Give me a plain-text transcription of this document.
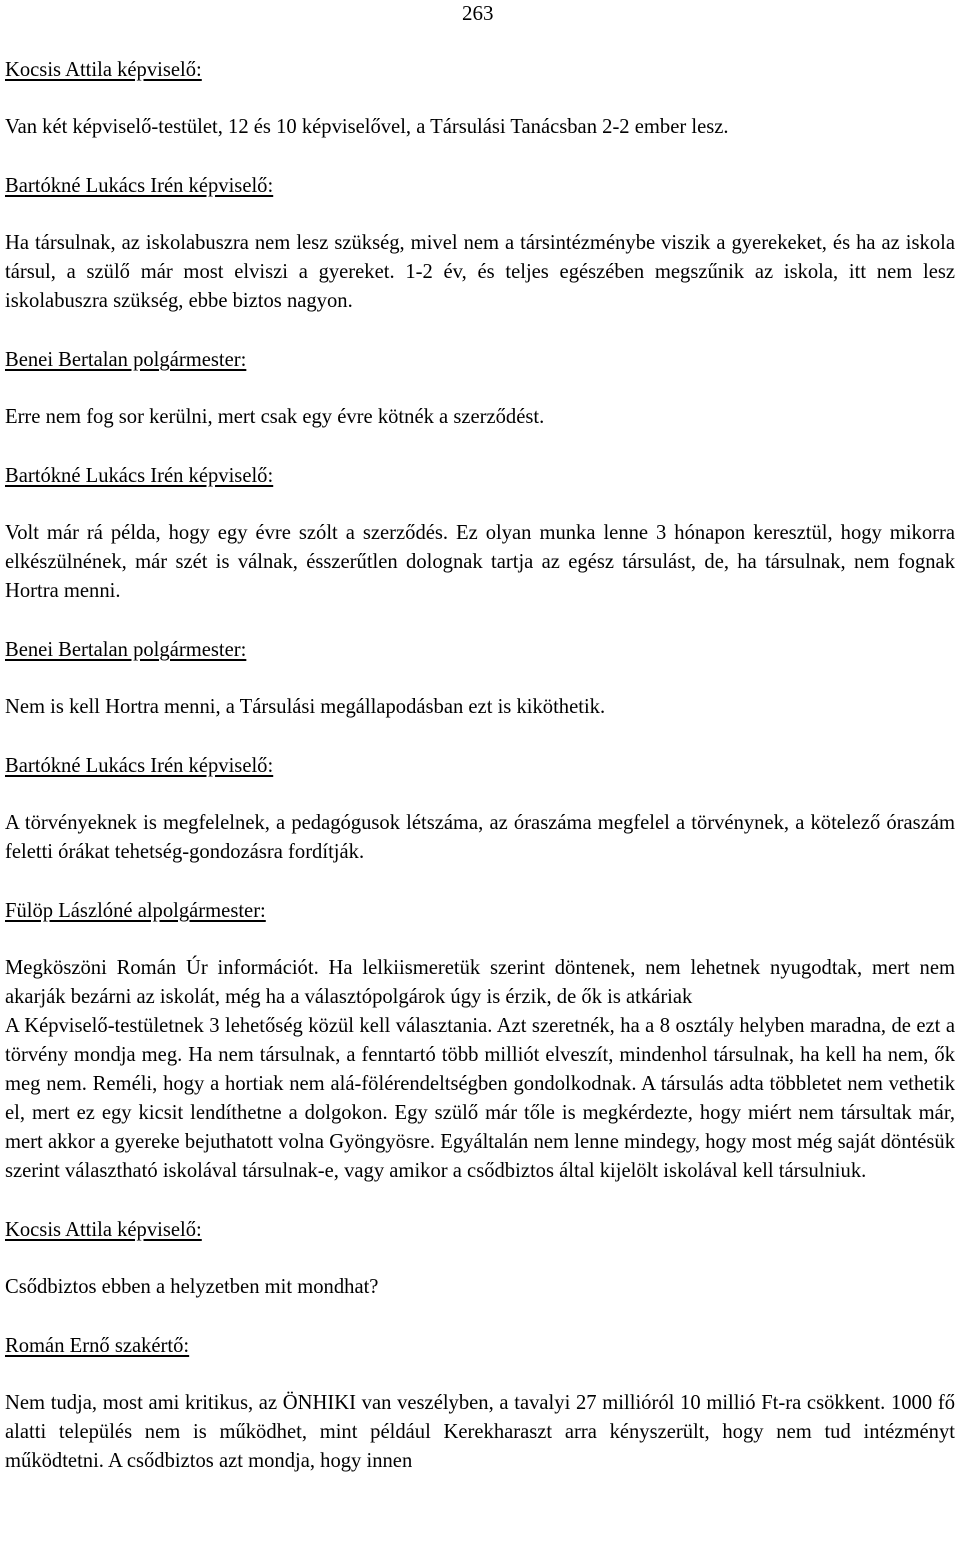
263

Kocsis Attila képviselő:

Van két képviselő-testület, 12 és 10 képviselővel, a Társulási Tanácsban 2-2 ember lesz.

Bartókné Lukács Irén képviselő:

Ha társulnak, az iskolabuszra nem lesz szükség, mivel nem a társintézménybe viszik a gyerekeket, és ha az iskola társul, a szülő már most elviszi a gyereket. 1-2 év, és teljes egészében megszűnik az iskola, itt nem lesz iskolabuszra szükség, ebbe biztos nagyon.

Benei Bertalan polgármester:

Erre nem fog sor kerülni, mert csak egy évre kötnék a szerződést.

Bartókné Lukács Irén képviselő:

Volt már rá példa, hogy egy évre szólt a szerződés. Ez olyan munka lenne 3 hónapon keresztül, hogy mikorra elkészülnének, már szét is válnak, ésszerűtlen dolognak tartja az egész társulást, de, ha társulnak, nem fognak Hortra menni.

Benei Bertalan polgármester:

Nem is kell Hortra menni, a Társulási megállapodásban ezt is kiköthetik.

Bartókné Lukács Irén képviselő:

A törvényeknek is megfelelnek, a pedagógusok létszáma, az óraszáma megfelel a törvénynek, a kötelező óraszám feletti órákat tehetség-gondozásra fordítják.

Fülöp Lászlóné alpolgármester:

Megköszöni Román Úr információt. Ha lelkiismeretük szerint döntenek, nem lehetnek nyugodtak, mert nem akarják bezárni az iskolát, még ha a választópolgárok úgy is érzik, de ők is atkáriak

A Képviselő-testületnek 3 lehetőség közül kell választania. Azt szeretnék, ha a 8 osztály helyben maradna, de ezt a törvény mondja meg. Ha nem társulnak, a fenntartó több milliót elveszít, mindenhol társulnak, ha kell ha nem, ők meg nem. Reméli, hogy a hortiak nem alá-fölérendeltségben gondolkodnak. A társulás adta többletet nem vethetik el, mert ez egy kicsit lendíthetne a dolgokon. Egy szülő már tőle is megkérdezte, hogy miért nem társultak már, mert akkor a gyereke bejuthatott volna Gyöngyösre. Egyáltalán nem lenne mindegy, hogy most még saját döntésük szerint választható iskolával társulnak-e, vagy amikor a csődbiztos által kijelölt iskolával kell társulniuk.

Kocsis Attila képviselő:

Csődbiztos ebben a helyzetben mit mondhat?

Román Ernő szakértő:

Nem tudja, most ami kritikus, az ÖNHIKI van veszélyben, a tavalyi 27 millióról 10 millió Ft-ra csökkent. 1000 fő alatti település nem is működhet, mint például Kerekharaszt arra kényszerült, hogy nem tud intézményt működtetni. A csődbiztos azt mondja, hogy innen
